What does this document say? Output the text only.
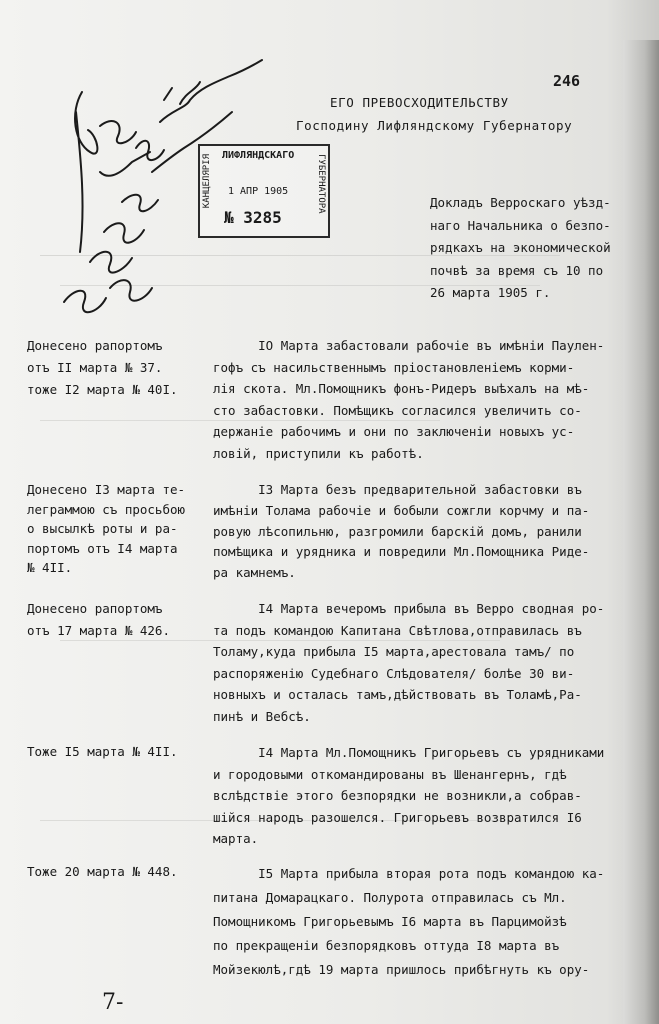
246
ЕГО ПРЕВОСХОДИТЕЛЬСТВУ
Господину Лифляндскому Губернатору
ЛИФЛЯНДСКАГО
КАНЦЕЛЯРІЯ	ГУБЕРНАТОРА
1 АПР 1905
№ 3285
Докладъ Верроскаго уѣзд-
наго Начальника о безпо-
рядкахъ на экономической
почвѣ за время съ 10 по
26 марта 1905 г.
Донесено рапортомъ
отъ II марта № 37.
тоже I2 марта № 40I.
Донесено I3 марта те-
леграммою съ просьбою
о высылкѣ роты и ра-
портомъ отъ I4 марта
№ 4II.
Донесено рапортомъ
отъ 17 марта № 426.
Тоже I5 марта № 4II.
Тоже 20 марта № 448.
IО Марта забастовали рабочіе въ имѣніи Паулен-
гофъ съ насильственнымъ пріостановленіемъ корми-
лія скота. Мл.Помощникъ фонъ-Ридеръ выѣхалъ на мѣ-
сто забастовки. Помѣщикъ согласился увеличить со-
держаніе рабочимъ и они по заключеніи новыхъ ус-
ловій, приступили къ работѣ.
I3 Марта безъ предварительной забастовки въ
имѣніи Толама рабочіе и бобыли сожгли корчму и па-
ровую лѣсопильню, разгромили барскій домъ, ранили
помѣщика и урядника и повредили Мл.Помощника Риде-
ра камнемъ.
I4 Марта вечеромъ прибыла въ Верро сводная ро-
та подъ командою Капитана Свѣтлова,отправилась въ
Толаму,куда прибыла I5 марта,арестовала тамъ/ по
распоряженію Судебнаго Слѣдователя/ болѣе 30 ви-
новныхъ и осталась тамъ,дѣйствовать въ Толамѣ,Ра-
пинѣ и Вебсѣ.
I4 Марта Мл.Помощникъ Григорьевъ съ урядниками
и городовыми откомандированы въ Шенангернъ, гдѣ
вслѣдствіе этого безпорядки не возникли,а собрав-
шійся народъ разошелся. Григорьевъ возвратился I6
марта.
I5 Марта прибыла вторая рота подъ командою ка-
питана Домарацкаго. Полурота отправилась съ Мл.
Помощникомъ Григорьевымъ I6 марта въ Парцимойзѣ
по прекращеніи безпорядковъ оттуда I8 марта въ
Мойзекюлѣ,гдѣ 19 марта пришлось прибѣгнуть къ ору-
7-
